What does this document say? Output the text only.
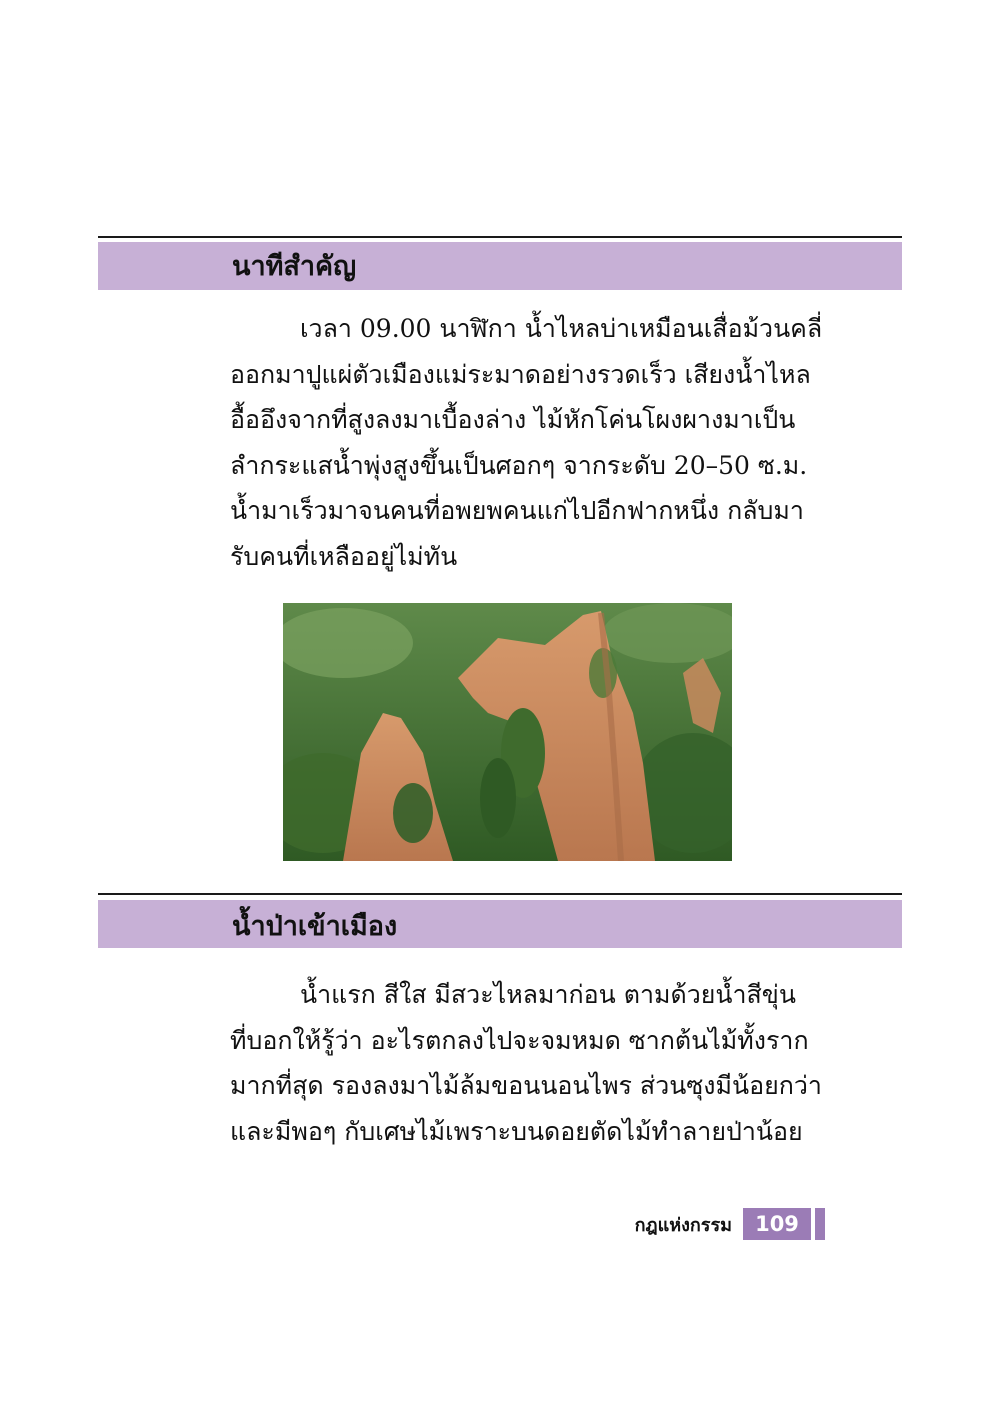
นาทีสำคัญ
เวลา 09.00 นาฬิกา น้ำไหลบ่าเหมือนเสื่อม้วนคลี่
ออกมาปูแผ่ตัวเมืองแม่ระมาดอย่างรวดเร็ว เสียงน้ำไหล
อื้ออึงจากที่สูงลงมาเบื้องล่าง ไม้หักโค่นโผงผางมาเป็น
ลำกระแสน้ำพุ่งสูงขึ้นเป็นศอกๆ จากระดับ 20–50 ซ.ม.
น้ำมาเร็วมาจนคนที่อพยพคนแก่ไปอีกฟากหนึ่ง กลับมา
รับคนที่เหลืออยู่ไม่ทัน
น้ำป่าเข้าเมือง
น้ำแรก สีใส มีสวะไหลมาก่อน ตามด้วยน้ำสีขุ่น
ที่บอกให้รู้ว่า อะไรตกลงไปจะจมหมด ซากต้นไม้ทั้งราก
มากที่สุด รองลงมาไม้ล้มขอนนอนไพร ส่วนซุงมีน้อยกว่า
และมีพอๆ กับเศษไม้เพราะบนดอยตัดไม้ทำลายป่าน้อย
กฎแห่งกรรม	109
